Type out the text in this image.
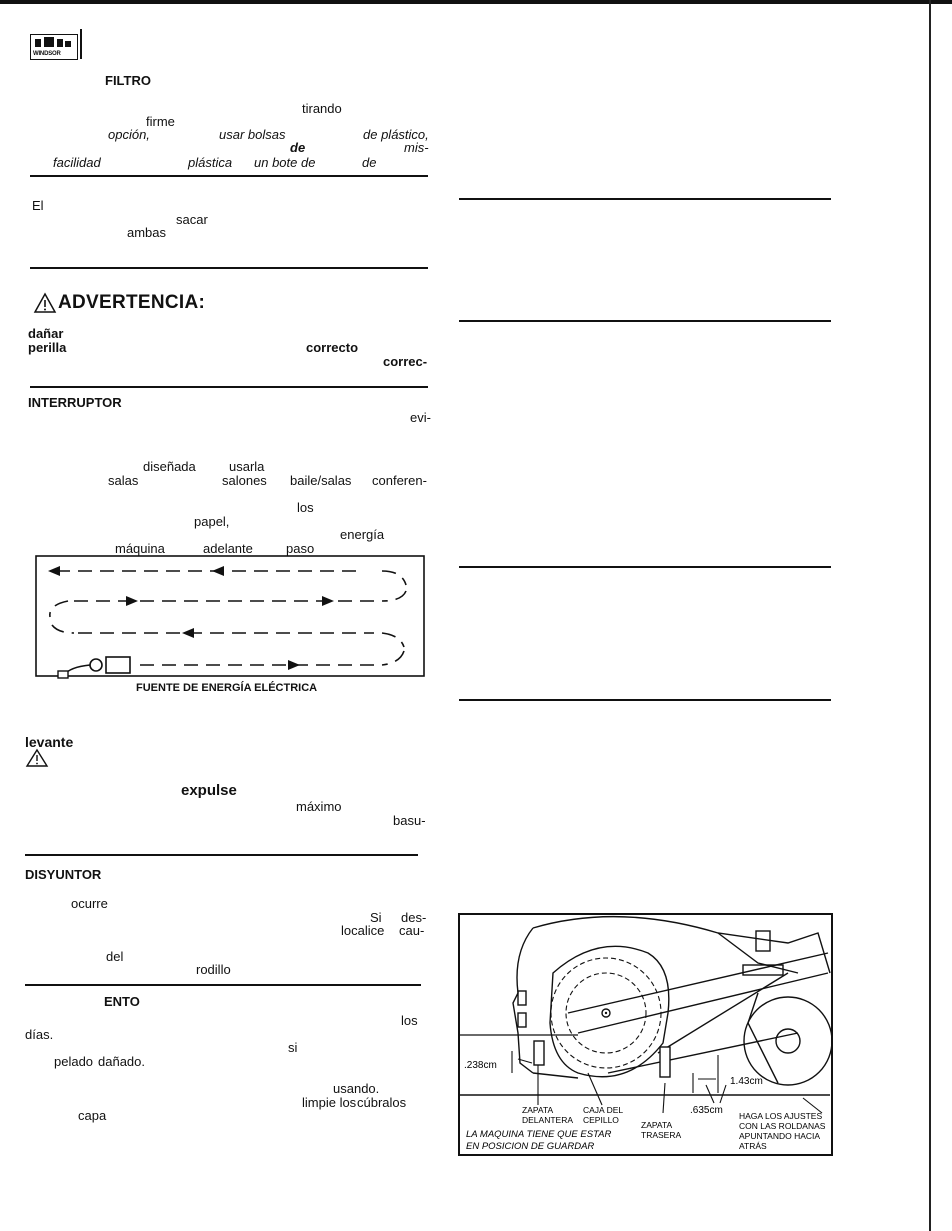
WINDSOR
FILTRO
tirando
firme
opción,	usar bolsas	de plástico,
de	mis-
facilidad	plástica un bote de	de
El
sacar
ambas
ADVERTENCIA:
dañar
perilla	correcto
correc-
INTERRUPTOR
evi-
diseñada	usarla
salas	salones baile/salas conferen-
los
papel,
energía
máquina	adelante	paso
FUENTE DE ENERGÍA ELÉCTRICA
levante
expulse
máximo
basu-
DISYUNTOR
ocurre
Si des-
localice cau-
del
rodillo
ENTO
los
días.
si
pelado dañado.
usando.
limpie los cúbralos
capa
.238cm
1.43cm
.635cm
ZAPATA
DELANTERA
CAJA DEL
CEPILLO	ZAPATA
TRASERA
HAGA LOS AJUSTES
CON LAS ROLDANAS
APUNTANDO HACIA
ATRÁS
LA MAQUINA TIENE QUE ESTAR
EN POSICION DE GUARDAR
